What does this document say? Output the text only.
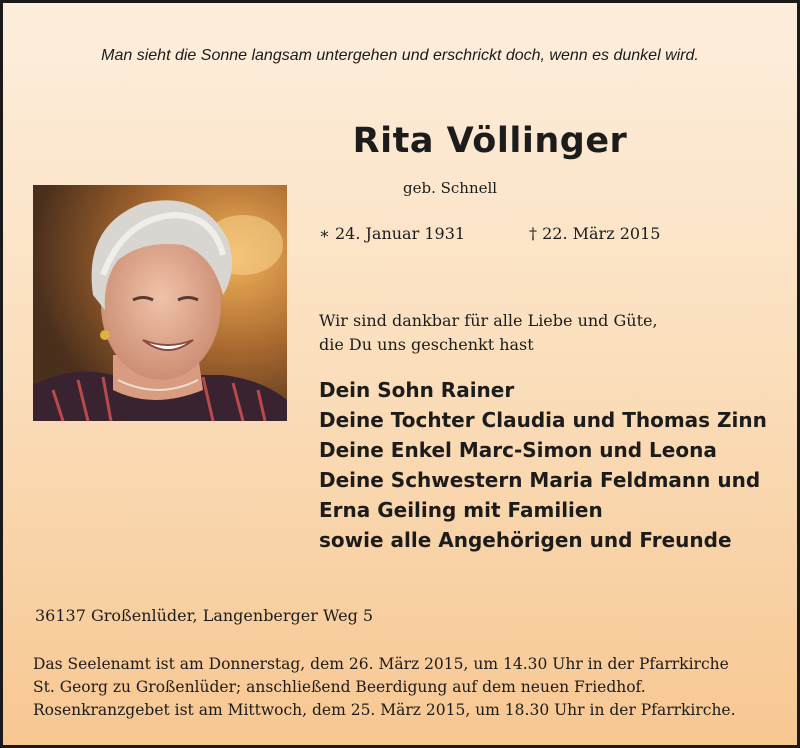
Man sieht die Sonne langsam untergehen und erschrickt doch, wenn es dunkel wird.
Rita Völlinger
geb. Schnell
∗ 24. Januar 1931	† 22. März 2015
Wir sind dankbar für alle Liebe und Güte,
die Du uns geschenkt hast
Dein Sohn Rainer
Deine Tochter Claudia und Thomas Zinn
Deine Enkel Marc-Simon und Leona
Deine Schwestern Maria Feldmann und
Erna Geiling mit Familien
sowie alle Angehörigen und Freunde
36137 Großenlüder, Langenberger Weg 5
Das Seelenamt ist am Donnerstag, dem 26. März 2015, um 14.30 Uhr in der Pfarrkirche
St. Georg zu Großenlüder; anschließend Beerdigung auf dem neuen Friedhof.
Rosenkranzgebet ist am Mittwoch, dem 25. März 2015, um 18.30 Uhr in der Pfarrkirche.
